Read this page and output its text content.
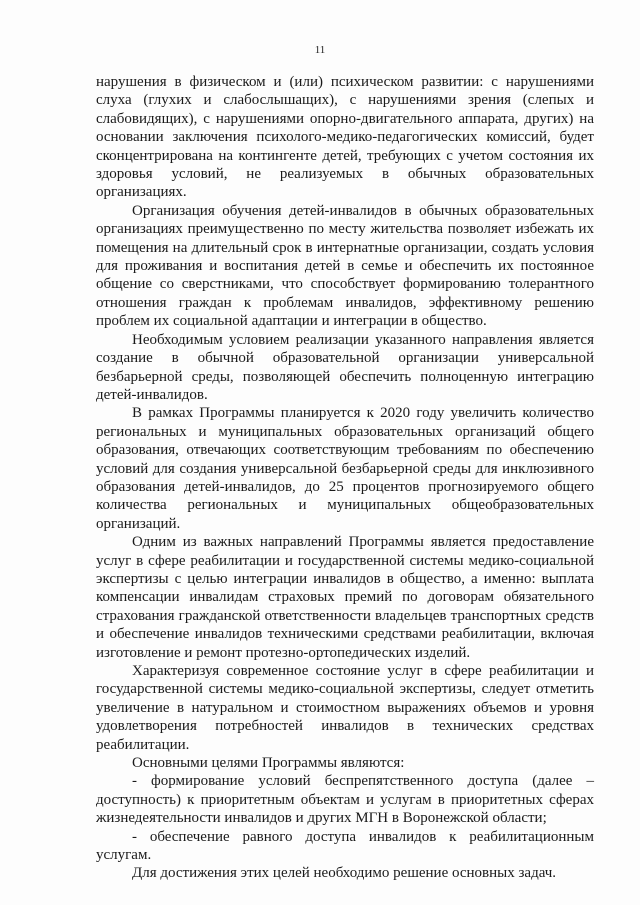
11

нарушения в физическом и (или) психическом развитии: с нарушениями слуха (глухих и слабослышащих), с нарушениями зрения (слепых и слабовидящих), с нарушениями опорно-двигательного аппарата, других) на основании заключения психолого-медико-педагогических комиссий, будет сконцентрирована на контингенте детей, требующих с учетом состояния их здоровья условий, не реализуемых в обычных образовательных организациях.

Организация обучения детей-инвалидов в обычных образовательных организациях преимущественно по месту жительства позволяет избежать их помещения на длительный срок в интернатные организации, создать условия для проживания и воспитания детей в семье и обеспечить их постоянное общение со сверстниками, что способствует формированию толерантного отношения граждан к проблемам инвалидов, эффективному решению проблем их социальной адаптации и интеграции в общество.

Необходимым условием реализации указанного направления является создание в обычной образовательной организации универсальной безбарьерной среды, позволяющей обеспечить полноценную интеграцию детей-инвалидов.

В рамках Программы планируется к 2020 году увеличить количество региональных и муниципальных образовательных организаций общего образования, отвечающих соответствующим требованиям по обеспечению условий для создания универсальной безбарьерной среды для инклюзивного образования детей-инвалидов, до 25 процентов прогнозируемого общего количества региональных и муниципальных общеобразовательных организаций.

Одним из важных направлений Программы является предоставление услуг в сфере реабилитации и государственной системы медико-социальной экспертизы с целью интеграции инвалидов в общество, а именно: выплата компенсации инвалидам страховых премий по договорам обязательного страхования гражданской ответственности владельцев транспортных средств и обеспечение инвалидов техническими средствами реабилитации, включая изготовление и ремонт протезно-ортопедических изделий.

Характеризуя современное состояние услуг в сфере реабилитации и государственной системы медико-социальной экспертизы, следует отметить увеличение в натуральном и стоимостном выражениях объемов и уровня удовлетворения потребностей инвалидов в технических средствах реабилитации.

Основными целями Программы являются:

- формирование условий беспрепятственного доступа (далее – доступность) к приоритетным объектам и услугам в приоритетных сферах жизнедеятельности инвалидов и других МГН в Воронежской области;

- обеспечение равного доступа инвалидов к реабилитационным услугам.

Для достижения этих целей необходимо решение основных задач.
